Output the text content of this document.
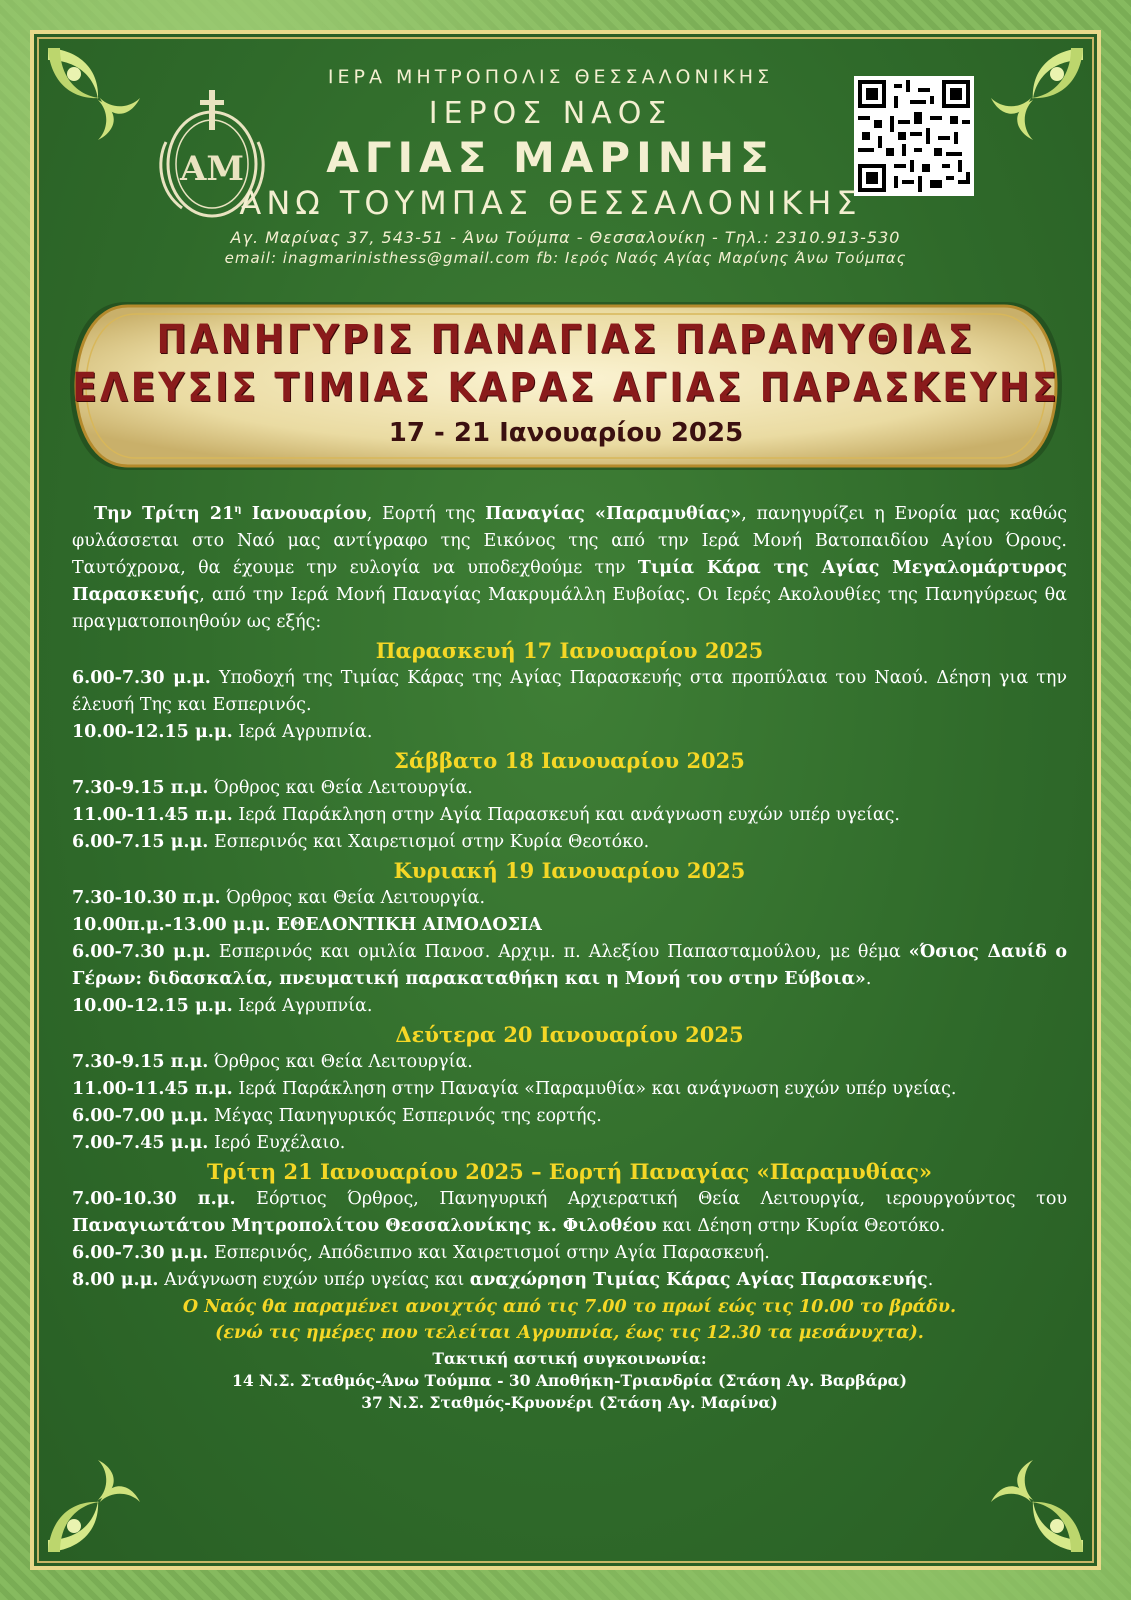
ΑΜ
ΙΕΡΑ ΜΗΤΡΟΠΟΛΙΣ ΘΕΣΣΑΛΟΝΙΚΗΣ
ΙΕΡΟΣ ΝΑΟΣ
ΑΓΙΑΣ ΜΑΡΙΝΗΣ
ΑΝΩ ΤΟΥΜΠΑΣ ΘΕΣΣΑΛΟΝΙΚΗΣ
Αγ. Μαρίνας 37, 543-51 - Άνω Τούμπα - Θεσσαλονίκη - Τηλ.: 2310.913-530
email: inagmarinisthess@gmail.com fb: Ιερός Ναός Αγίας Μαρίνης Άνω Τούμπας
ΠΑΝΗΓΥΡΙΣ ΠΑΝΑΓΙΑΣ ΠΑΡΑΜΥΘΙΑΣ
ΕΛΕΥΣΙΣ ΤΙΜΙΑΣ ΚΑΡΑΣ ΑΓΙΑΣ ΠΑΡΑΣΚΕΥΗΣ
17 - 21 Ιανουαρίου 2025

Την Τρίτη $21^\eta$ Ιανουαρίου, Εορτή της Παναγίας «Παραμυθίας», πανηγυρίζει η Ενορία μας καθώς φυλάσσεται στο Ναό μας αντίγραφο της Εικόνος της από την Ιερά Μονή Βατοπαιδίου Αγίου Όρους. Ταυτόχρονα, θα έχουμε την ευλογία να υποδεχθούμε την Τιμία Κάρα της Αγίας Μεγαλομάρτυρος Παρασκευής, από την Ιερά Μονή Παναγίας Μακρυμάλλη Ευβοίας. Οι Ιερές Ακολουθίες της Πανηγύρεως θα πραγματοποιηθούν ως εξής:

Παρασκευή 17 Ιανουαρίου 2025
6.00-7.30 μ.μ. Υποδοχή της Τιμίας Κάρας της Αγίας Παρασκευής στα προπύλαια του Ναού. Δέηση για την έλευσή Της και Εσπερινός.
10.00-12.15 μ.μ. Ιερά Αγρυπνία.
Σάββατο 18 Ιανουαρίου 2025
7.30-9.15 π.μ. Όρθρος και Θεία Λειτουργία.
11.00-11.45 π.μ. Ιερά Παράκληση στην Αγία Παρασκευή και ανάγνωση ευχών υπέρ υγείας.
6.00-7.15 μ.μ. Εσπερινός και Χαιρετισμοί στην Κυρία Θεοτόκο.
Κυριακή 19 Ιανουαρίου 2025
7.30-10.30 π.μ. Όρθρος και Θεία Λειτουργία.
10.00π.μ.-13.00 μ.μ. ΕΘΕΛΟΝΤΙΚΗ ΑΙΜΟΔΟΣΙΑ
6.00-7.30 μ.μ. Εσπερινός και ομιλία Πανοσ. Αρχιμ. π. Αλεξίου Παπασταμούλου, με θέμα «Όσιος Δαυίδ ο Γέρων: διδασκαλία, πνευματική παρακαταθήκη και η Μονή του στην Εύβοια».
10.00-12.15 μ.μ. Ιερά Αγρυπνία.
Δεύτερα 20 Ιανουαρίου 2025
7.30-9.15 π.μ. Όρθρος και Θεία Λειτουργία.
11.00-11.45 π.μ. Ιερά Παράκληση στην Παναγία «Παραμυθία» και ανάγνωση ευχών υπέρ υγείας.
6.00-7.00 μ.μ. Μέγας Πανηγυρικός Εσπερινός της εορτής.
7.00-7.45 μ.μ. Ιερό Ευχέλαιο.
Τρίτη 21 Ιανουαρίου 2025 – Εορτή Παναγίας «Παραμυθίας»
7.00-10.30 π.μ. Εόρτιος Όρθρος, Πανηγυρική Αρχιερατική Θεία Λειτουργία, ιερουργούντος του Παναγιωτάτου Μητροπολίτου Θεσσαλονίκης κ. Φιλοθέου και Δέηση στην Κυρία Θεοτόκο.
6.00-7.30 μ.μ. Εσπερινός, Απόδειπνο και Χαιρετισμοί στην Αγία Παρασκευή.
8.00 μ.μ. Ανάγνωση ευχών υπέρ υγείας και αναχώρηση Τιμίας Κάρας Αγίας Παρασκευής.
Ο Ναός θα παραμένει ανοιχτός από τις 7.00 το πρωί εώς τις 10.00 το βράδυ.
(ενώ τις ημέρες που τελείται Αγρυπνία, έως τις 12.30 τα μεσάνυχτα).
Τακτική αστική συγκοινωνία:
14 Ν.Σ. Σταθμός-Άνω Τούμπα - 30 Αποθήκη-Τριανδρία (Στάση Αγ. Βαρβάρα)
37 Ν.Σ. Σταθμός-Κρυονέρι (Στάση Αγ. Μαρίνα)
